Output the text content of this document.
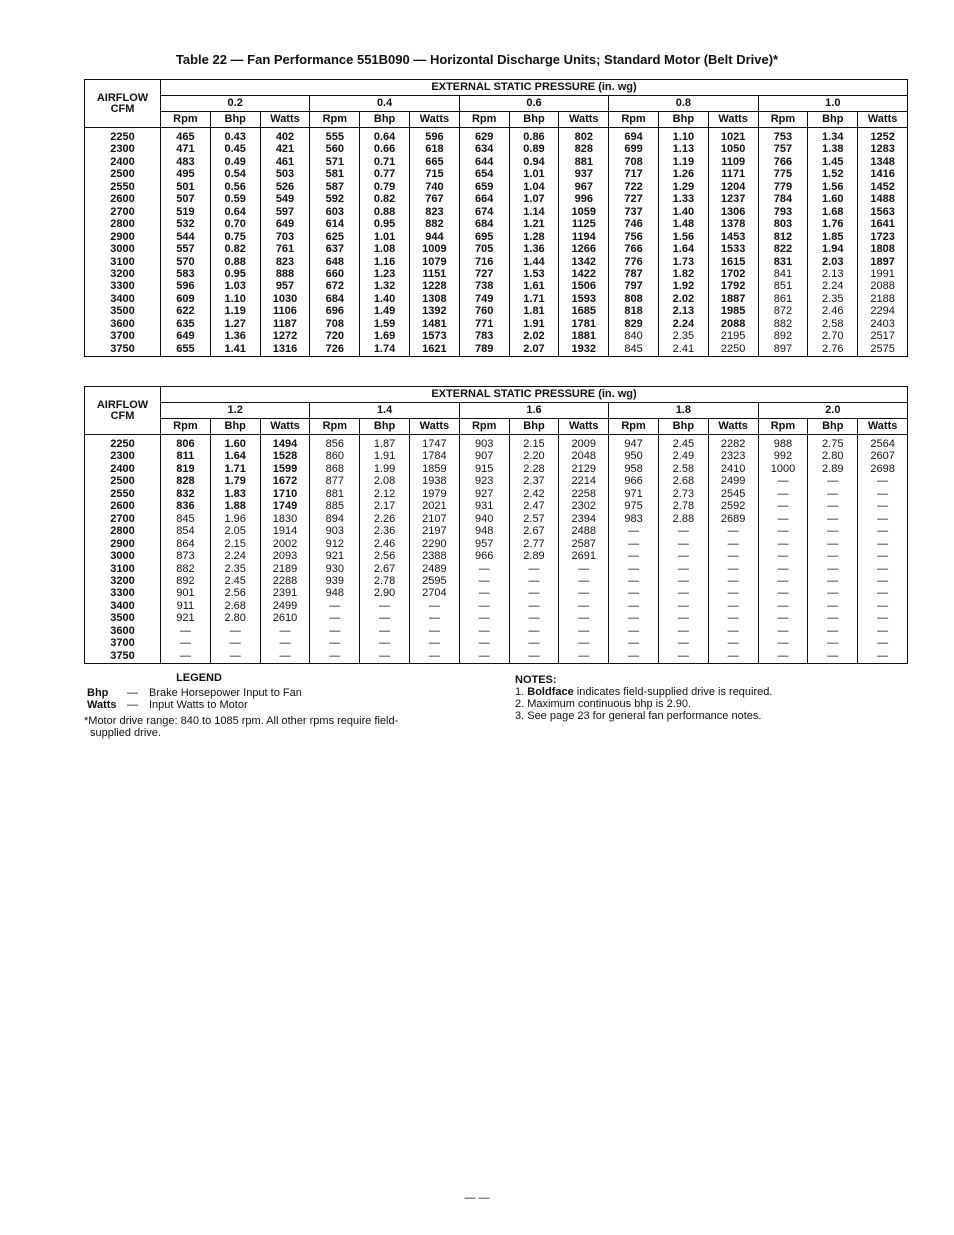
Table 22 — Fan Performance 551B090 — Horizontal Discharge Units; Standard Motor (Belt Drive)*
AIRFLOW
CFM	EXTERNAL STATIC PRESSURE (in. wg)														
	0.2			0.4			0.6			0.8			1.0		
	Rpm	Bhp	Watts	Rpm	Bhp	Watts	Rpm	Bhp	Watts	Rpm	Bhp	Watts	Rpm	Bhp	Watts
2250	465	0.43	402	555	0.64	596	629	0.86	802	694	1.10	1021	753	1.34	1252
2300	471	0.45	421	560	0.66	618	634	0.89	828	699	1.13	1050	757	1.38	1283
2400	483	0.49	461	571	0.71	665	644	0.94	881	708	1.19	1109	766	1.45	1348
2500	495	0.54	503	581	0.77	715	654	1.01	937	717	1.26	1171	775	1.52	1416
2550	501	0.56	526	587	0.79	740	659	1.04	967	722	1.29	1204	779	1.56	1452
2600	507	0.59	549	592	0.82	767	664	1.07	996	727	1.33	1237	784	1.60	1488
2700	519	0.64	597	603	0.88	823	674	1.14	1059	737	1.40	1306	793	1.68	1563
2800	532	0.70	649	614	0.95	882	684	1.21	1125	746	1.48	1378	803	1.76	1641
2900	544	0.75	703	625	1.01	944	695	1.28	1194	756	1.56	1453	812	1.85	1723
3000	557	0.82	761	637	1.08	1009	705	1.36	1266	766	1.64	1533	822	1.94	1808
3100	570	0.88	823	648	1.16	1079	716	1.44	1342	776	1.73	1615	831	2.03	1897
3200	583	0.95	888	660	1.23	1151	727	1.53	1422	787	1.82	1702	841	2.13	1991
3300	596	1.03	957	672	1.32	1228	738	1.61	1506	797	1.92	1792	851	2.24	2088
3400	609	1.10	1030	684	1.40	1308	749	1.71	1593	808	2.02	1887	861	2.35	2188
3500	622	1.19	1106	696	1.49	1392	760	1.81	1685	818	2.13	1985	872	2.46	2294
3600	635	1.27	1187	708	1.59	1481	771	1.91	1781	829	2.24	2088	882	2.58	2403
3700	649	1.36	1272	720	1.69	1573	783	2.02	1881	840	2.35	2195	892	2.70	2517
3750	655	1.41	1316	726	1.74	1621	789	2.07	1932	845	2.41	2250	897	2.76	2575
AIRFLOW
CFM	EXTERNAL STATIC PRESSURE (in. wg)														
	1.2			1.4			1.6			1.8			2.0		
	Rpm	Bhp	Watts	Rpm	Bhp	Watts	Rpm	Bhp	Watts	Rpm	Bhp	Watts	Rpm	Bhp	Watts
2250	806	1.60	1494	856	1.87	1747	903	2.15	2009	947	2.45	2282	988	2.75	2564
2300	811	1.64	1528	860	1.91	1784	907	2.20	2048	950	2.49	2323	992	2.80	2607
2400	819	1.71	1599	868	1.99	1859	915	2.28	2129	958	2.58	2410	1000	2.89	2698
2500	828	1.79	1672	877	2.08	1938	923	2.37	2214	966	2.68	2499	—	—	—
2550	832	1.83	1710	881	2.12	1979	927	2.42	2258	971	2.73	2545	—	—	—
2600	836	1.88	1749	885	2.17	2021	931	2.47	2302	975	2.78	2592	—	—	—
2700	845	1.96	1830	894	2.26	2107	940	2.57	2394	983	2.88	2689	—	—	—
2800	854	2.05	1914	903	2.36	2197	948	2.67	2488	—	—	—	—	—	—
2900	864	2.15	2002	912	2.46	2290	957	2.77	2587	—	—	—	—	—	—
3000	873	2.24	2093	921	2.56	2388	966	2.89	2691	—	—	—	—	—	—
3100	882	2.35	2189	930	2.67	2489	—	—	—	—	—	—	—	—	—
3200	892	2.45	2288	939	2.78	2595	—	—	—	—	—	—	—	—	—
3300	901	2.56	2391	948	2.90	2704	—	—	—	—	—	—	—	—	—
3400	911	2.68	2499	—	—	—	—	—	—	—	—	—	—	—	—
3500	921	2.80	2610	—	—	—	—	—	—	—	—	—	—	—	—
3600	—	—	—	—	—	—	—	—	—	—	—	—	—	—	—
3700	—	—	—	—	—	—	—	—	—	—	—	—	—	—	—
3750	—	—	—	—	—	—	—	—	—	—	—	—	—	—	—
LEGEND
Bhp	—	Brake Horsepower Input to Fan
Watts —	Input Watts to Motor
*Motor drive range: 840 to 1085 rpm. All other rpms require field-
supplied drive.
NOTES:
1. Boldface indicates field-supplied drive is required.
2. Maximum continuous bhp is 2.90.
3. See page 23 for general fan performance notes.
— —
